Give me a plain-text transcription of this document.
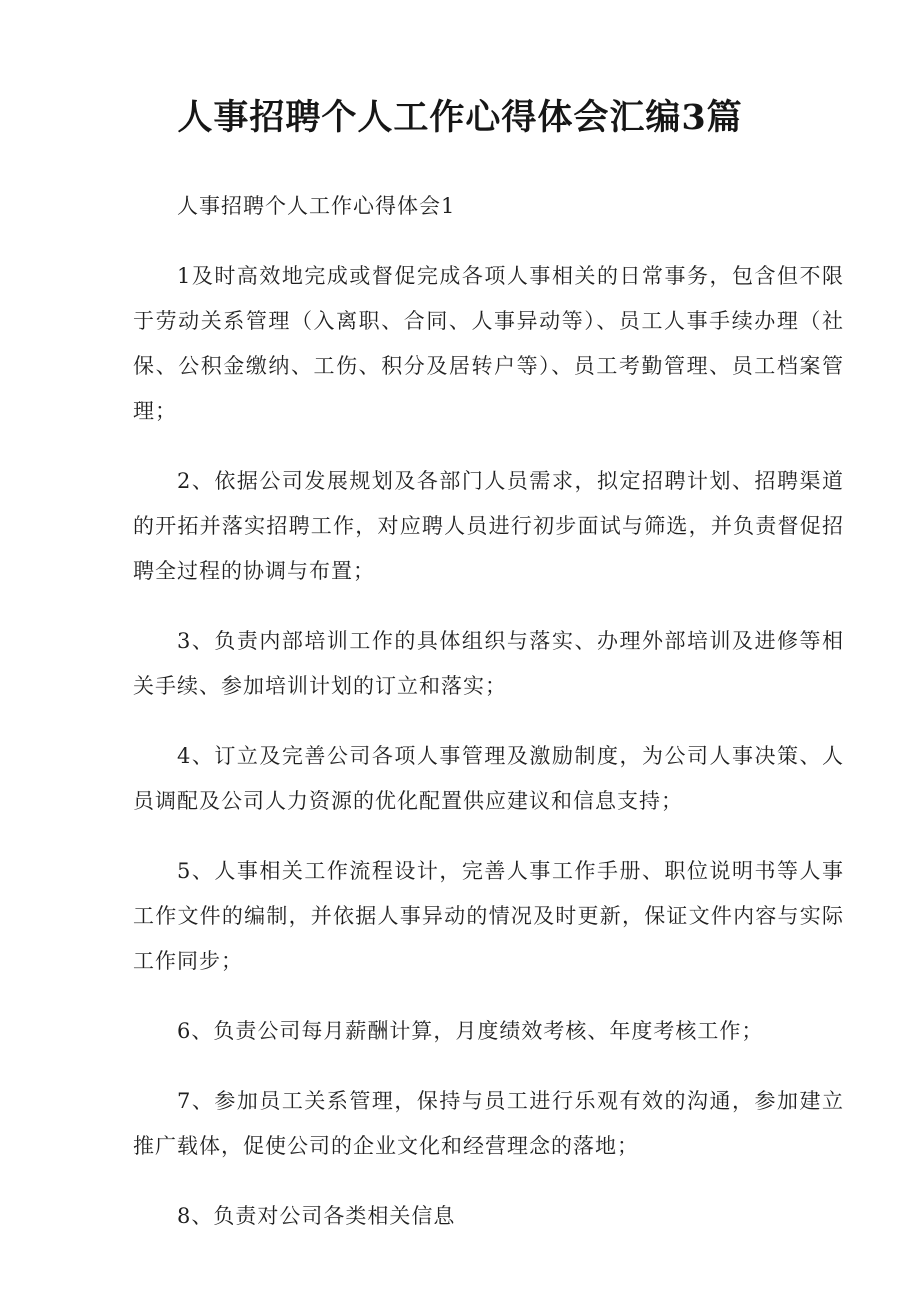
人事招聘个人工作心得体会汇编3篇

人事招聘个人工作心得体会1

1及时高效地完成或督促完成各项人事相关的日常事务，包含但不限于劳动关系管理（入离职、合同、人事异动等）、员工人事手续办理（社保、公积金缴纳、工伤、积分及居转户等）、员工考勤管理、员工档案管理；

2、依据公司发展规划及各部门人员需求，拟定招聘计划、招聘渠道的开拓并落实招聘工作，对应聘人员进行初步面试与筛选，并负责督促招聘全过程的协调与布置；

3、负责内部培训工作的具体组织与落实、办理外部培训及进修等相关手续、参加培训计划的订立和落实；

4、订立及完善公司各项人事管理及激励制度，为公司人事决策、人员调配及公司人力资源的优化配置供应建议和信息支持；

5、人事相关工作流程设计，完善人事工作手册、职位说明书等人事工作文件的编制，并依据人事异动的情况及时更新，保证文件内容与实际工作同步；

6、负责公司每月薪酬计算，月度绩效考核、年度考核工作；

7、参加员工关系管理，保持与员工进行乐观有效的沟通，参加建立推广载体，促使公司的企业文化和经营理念的落地；

8、负责对公司各类相关信息
